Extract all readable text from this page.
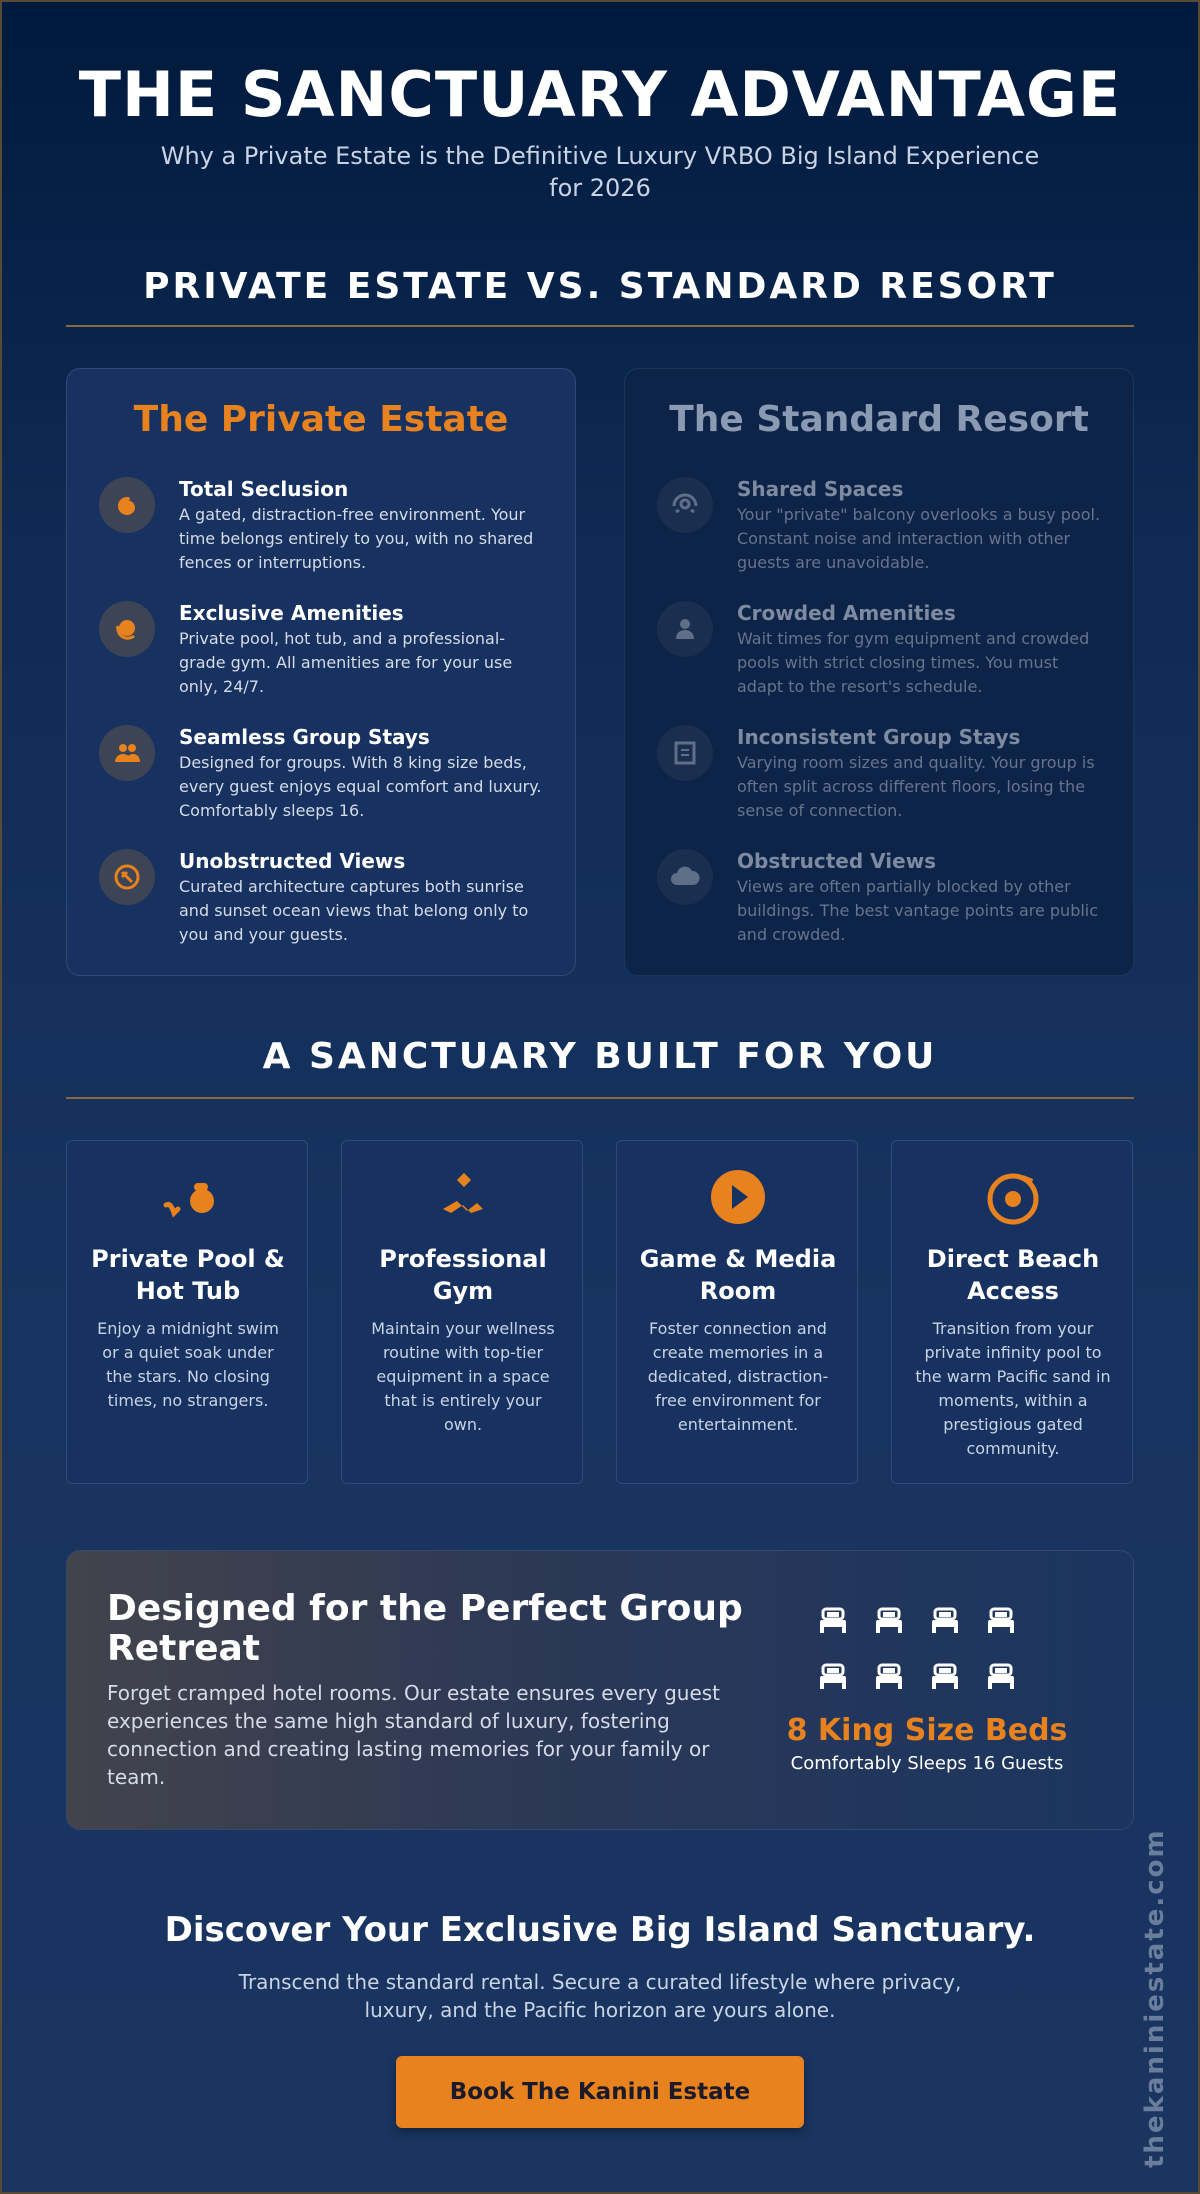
THE SANCTUARY ADVANTAGE

Why a Private Estate is the Definitive Luxury VRBO Big Island Experience for 2026

PRIVATE ESTATE VS. STANDARD RESORT
The Private Estate
Total Seclusion
A gated, distraction-free environment. Your time belongs entirely to you, with no shared fences or interruptions.
Exclusive Amenities
Private pool, hot tub, and a professional-grade gym. All amenities are for your use only, 24/7.
Seamless Group Stays
Designed for groups. With 8 king size beds, every guest enjoys equal comfort and luxury. Comfortably sleeps 16.
Unobstructed Views
Curated architecture captures both sunrise and sunset ocean views that belong only to you and your guests.
The Standard Resort
Shared Spaces
Your "private" balcony overlooks a busy pool. Constant noise and interaction with other guests are unavoidable.
Crowded Amenities
Wait times for gym equipment and crowded pools with strict closing times. You must adapt to the resort's schedule.
Inconsistent Group Stays
Varying room sizes and quality. Your group is often split across different floors, losing the sense of connection.
Obstructed Views
Views are often partially blocked by other buildings. The best vantage points are public and crowded.
A SANCTUARY BUILT FOR YOU
Private Pool & Hot Tub
Enjoy a midnight swim or a quiet soak under the stars. No closing times, no strangers.
Professional Gym
Maintain your wellness routine with top-tier equipment in a space that is entirely your own.
Game & Media Room
Foster connection and create memories in a dedicated, distraction-free environment for entertainment.
Direct Beach Access
Transition from your private infinity pool to the warm Pacific sand in moments, within a prestigious gated community.
Designed for the Perfect Group Retreat

Forget cramped hotel rooms. Our estate ensures every guest experiences the same high standard of luxury, fostering connection and creating lasting memories for your family or team.

8 King Size Beds
Comfortably Sleeps 16 Guests
Discover Your Exclusive Big Island Sanctuary.

Transcend the standard rental. Secure a curated lifestyle where privacy, luxury, and the Pacific horizon are yours alone.

Book The Kanini Estate	thekaniniestate.com
